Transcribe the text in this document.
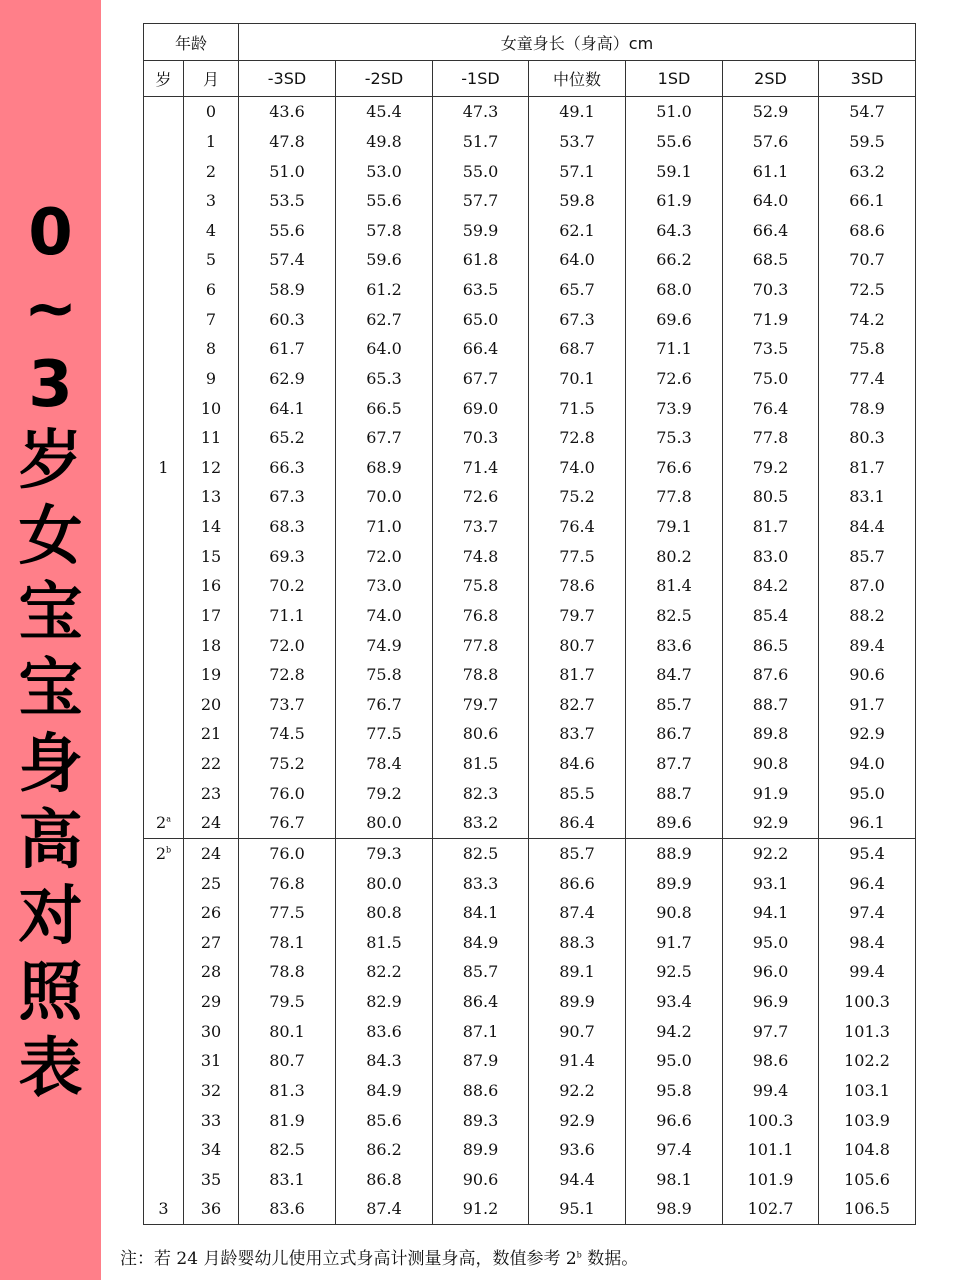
0
~
3
岁
女
宝
宝
身
高
对
照
表
年龄		女童身长（身高）cm						
岁	月	-3SD	-2SD	-1SD	中位数	1SD	2SD	3SD
	0	43.6	45.4	47.3	49.1	51.0	52.9	54.7
	1	47.8	49.8	51.7	53.7	55.6	57.6	59.5
	2	51.0	53.0	55.0	57.1	59.1	61.1	63.2
	3	53.5	55.6	57.7	59.8	61.9	64.0	66.1
	4	55.6	57.8	59.9	62.1	64.3	66.4	68.6
	5	57.4	59.6	61.8	64.0	66.2	68.5	70.7
	6	58.9	61.2	63.5	65.7	68.0	70.3	72.5
	7	60.3	62.7	65.0	67.3	69.6	71.9	74.2
	8	61.7	64.0	66.4	68.7	71.1	73.5	75.8
	9	62.9	65.3	67.7	70.1	72.6	75.0	77.4
	10	64.1	66.5	69.0	71.5	73.9	76.4	78.9
	11	65.2	67.7	70.3	72.8	75.3	77.8	80.3
1	12	66.3	68.9	71.4	74.0	76.6	79.2	81.7
	13	67.3	70.0	72.6	75.2	77.8	80.5	83.1
	14	68.3	71.0	73.7	76.4	79.1	81.7	84.4
	15	69.3	72.0	74.8	77.5	80.2	83.0	85.7
	16	70.2	73.0	75.8	78.6	81.4	84.2	87.0
	17	71.1	74.0	76.8	79.7	82.5	85.4	88.2
	18	72.0	74.9	77.8	80.7	83.6	86.5	89.4
	19	72.8	75.8	78.8	81.7	84.7	87.6	90.6
	20	73.7	76.7	79.7	82.7	85.7	88.7	91.7
	21	74.5	77.5	80.6	83.7	86.7	89.8	92.9
	22	75.2	78.4	81.5	84.6	87.7	90.8	94.0
	23	76.0	79.2	82.3	85.5	88.7	91.9	95.0
2$^a$	24	76.7	80.0	83.2	86.4	89.6	92.9	96.1
2$^b$	24	76.0	79.3	82.5	85.7	88.9	92.2	95.4
	25	76.8	80.0	83.3	86.6	89.9	93.1	96.4
	26	77.5	80.8	84.1	87.4	90.8	94.1	97.4
	27	78.1	81.5	84.9	88.3	91.7	95.0	98.4
	28	78.8	82.2	85.7	89.1	92.5	96.0	99.4
	29	79.5	82.9	86.4	89.9	93.4	96.9	100.3
	30	80.1	83.6	87.1	90.7	94.2	97.7	101.3
	31	80.7	84.3	87.9	91.4	95.0	98.6	102.2
	32	81.3	84.9	88.6	92.2	95.8	99.4	103.1
	33	81.9	85.6	89.3	92.9	96.6	100.3	103.9
	34	82.5	86.2	89.9	93.6	97.4	101.1	104.8
	35	83.1	86.8	90.6	94.4	98.1	101.9	105.6
3	36	83.6	87.4	91.2	95.1	98.9	102.7	106.5
注：若 24 月龄婴幼儿使用立式身高计测量身高，数值参考 2$^b$ 数据。
